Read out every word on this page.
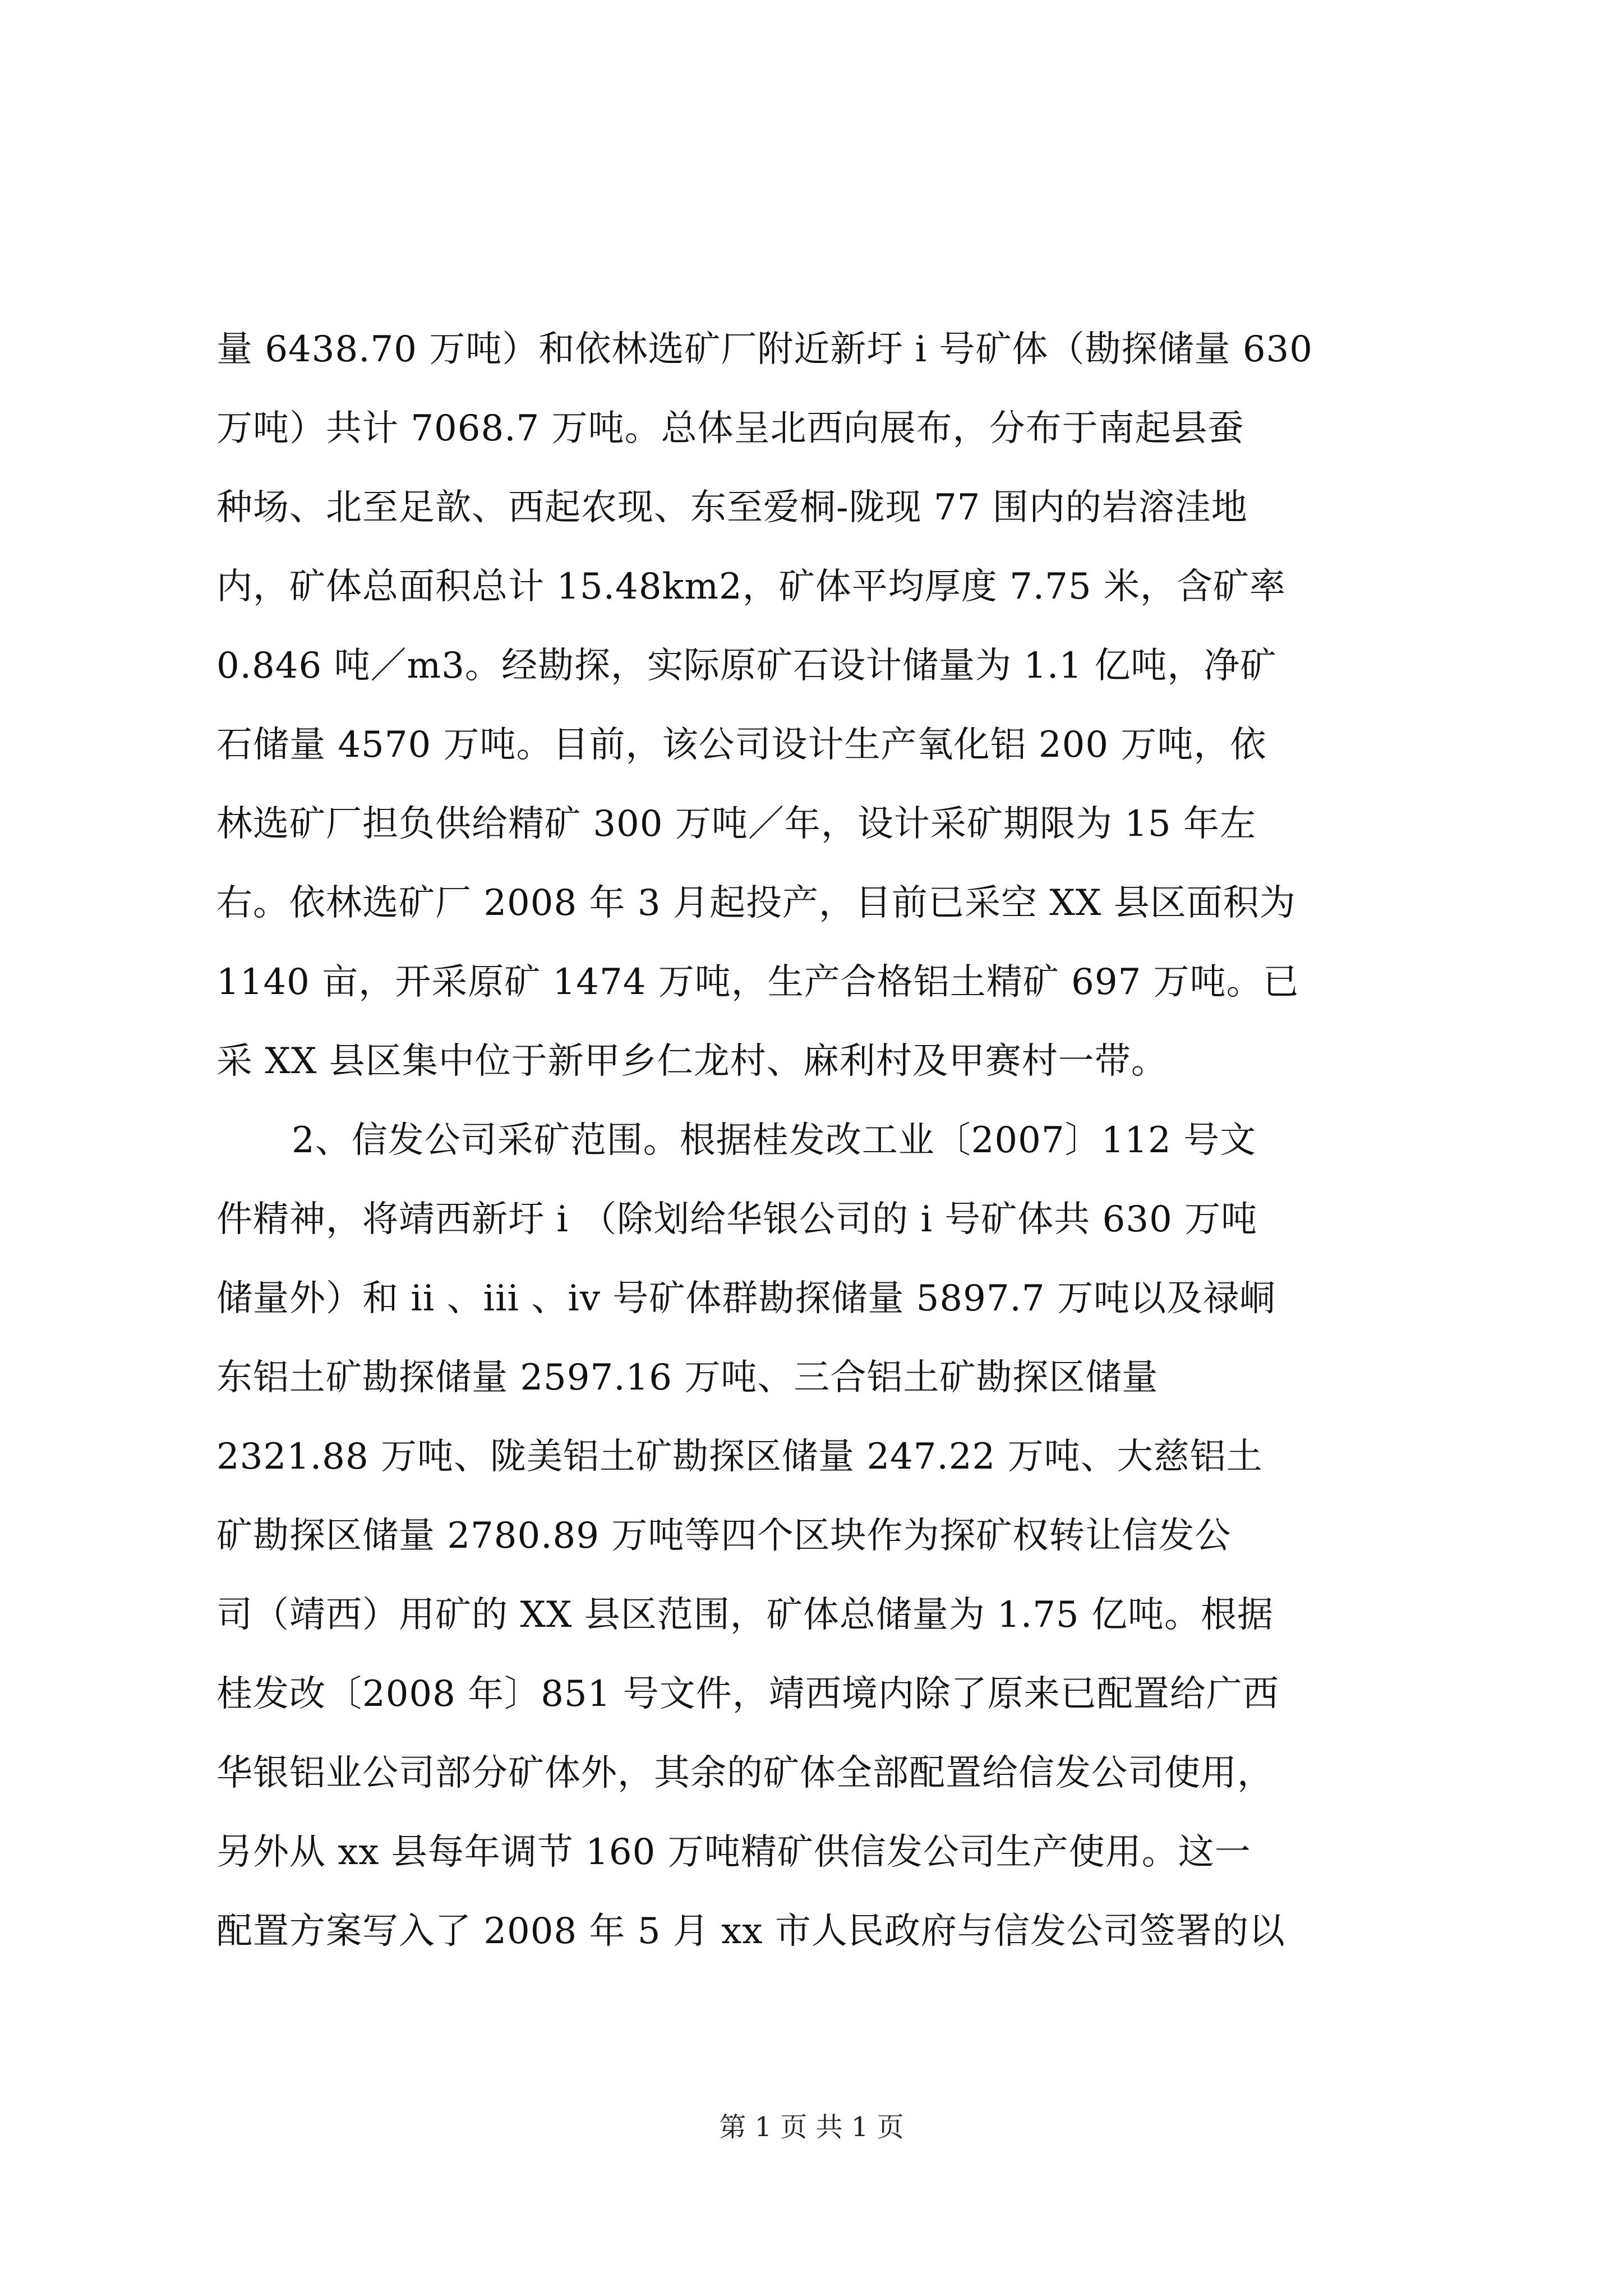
量 6438.70 万吨）和依林选矿厂附近新圩 i 号矿体（勘探储量 630
万吨）共计 7068.7 万吨。总体呈北西向展布，分布于南起县蚕
种场、北至足歆、西起农现、东至爱桐-陇现 77 围内的岩溶洼地
内，矿体总面积总计 15.48km2，矿体平均厚度 7.75 米，含矿率
0.846 吨／m3。经勘探，实际原矿石设计储量为 1.1 亿吨，净矿
石储量 4570 万吨。目前，该公司设计生产氧化铝 200 万吨，依
林选矿厂担负供给精矿 300 万吨／年，设计采矿期限为 15 年左
右。依林选矿厂 2008 年 3 月起投产，目前已采空 XX 县区面积为
1140 亩，开采原矿 1474 万吨，生产合格铝土精矿 697 万吨。已
采 XX 县区集中位于新甲乡仁龙村、麻利村及甲赛村一带。
2、信发公司采矿范围。根据桂发改工业〔2007〕112 号文
件精神，将靖西新圩 i （除划给华银公司的 i 号矿体共 630 万吨
储量外）和 ii 、iii 、iv 号矿体群勘探储量 5897.7 万吨以及禄峒
东铝土矿勘探储量 2597.16 万吨、三合铝土矿勘探区储量
2321.88 万吨、陇美铝土矿勘探区储量 247.22 万吨、大慈铝土
矿勘探区储量 2780.89 万吨等四个区块作为探矿权转让信发公
司（靖西）用矿的 XX 县区范围，矿体总储量为 1.75 亿吨。根据
桂发改〔2008 年〕851 号文件，靖西境内除了原来已配置给广西
华银铝业公司部分矿体外，其余的矿体全部配置给信发公司使用，
另外从 xx 县每年调节 160 万吨精矿供信发公司生产使用。这一
配置方案写入了 2008 年 5 月 xx 市人民政府与信发公司签署的以
第 1 页 共 1 页
